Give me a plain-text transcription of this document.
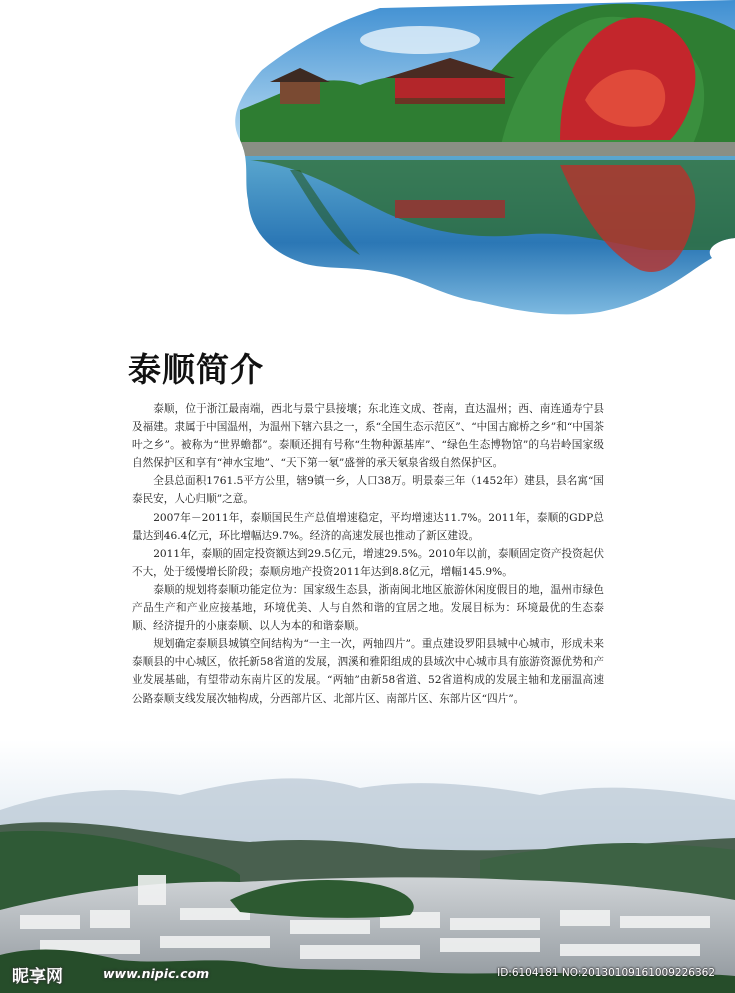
泰顺简介

泰顺，位于浙江最南端，西北与景宁县接壤；东北连文成、苍南，直达温州；西、南连通寿宁县及福建。隶属于中国温州，为温州下辖六县之一，系“全国生态示范区”、“中国古廊桥之乡”和“中国茶叶之乡”。被称为“世界蟾都”。泰顺还拥有号称“生物种源基库”、“绿色生态博物馆”的乌岩岭国家级自然保护区和享有“神水宝地”、“天下第一氡”盛誉的承天氡泉省级自然保护区。

全县总面积1761.5平方公里，辖9镇一乡，人口38万。明景泰三年（1452年）建县，县名寓“国泰民安，人心归顺”之意。

2007年－2011年，泰顺国民生产总值增速稳定，平均增速达11.7%。2011年，泰顺的GDP总量达到46.4亿元，环比增幅达9.7%。经济的高速发展也推动了新区建设。

2011年，泰顺的固定投资额达到29.5亿元，增速29.5%。2010年以前，泰顺固定资产投资起伏不大，处于缓慢增长阶段；泰顺房地产投资2011年达到8.8亿元，增幅145.9%。

泰顺的规划将泰顺功能定位为：国家级生态县，浙南闽北地区旅游休闲度假目的地，温州市绿色产品生产和产业应接基地，环境优美、人与自然和谐的宜居之地。发展目标为：环境最优的生态泰顺、经济提升的小康泰顺、以人为本的和谐泰顺。

规划确定泰顺县城镇空间结构为“一主一次，两轴四片”。重点建设罗阳县城中心城市，形成未来泰顺县的中心城区，依托新58省道的发展，泗溪和雅阳组成的县域次中心城市具有旅游资源优势和产业发展基础，有望带动东南片区的发展。“两轴”由新58省道、52省道构成的发展主轴和龙丽温高速公路泰顺支线发展次轴构成，分西部片区、北部片区、南部片区、东部片区“四片”。

昵享网	www.nipic.com	ID:6104181 NO:20130109161009226362
